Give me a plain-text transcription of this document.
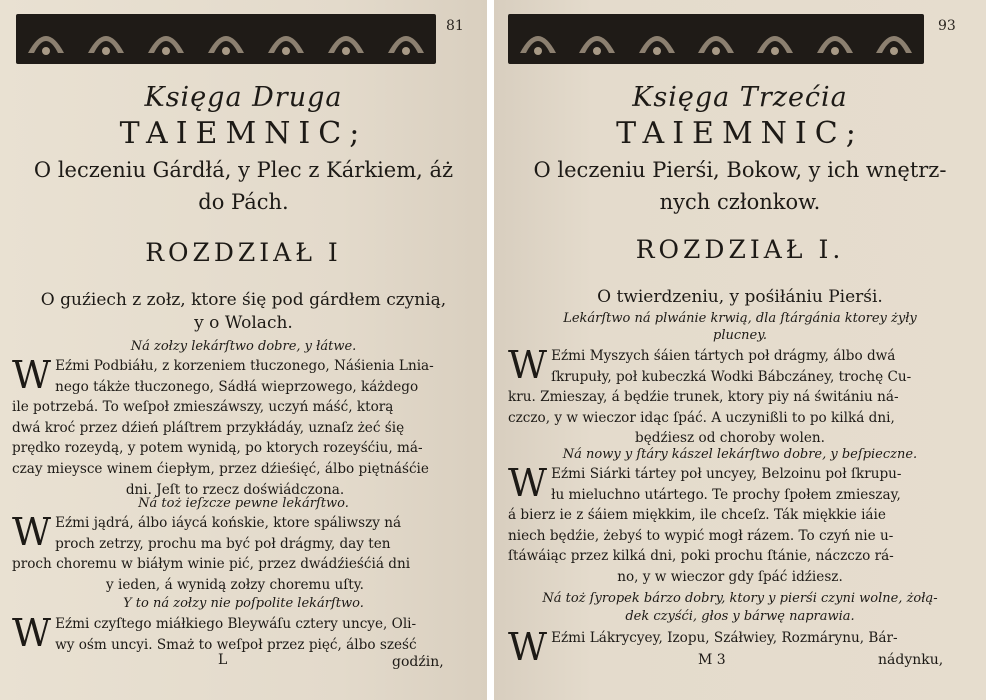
81
Księga Druga
TAIEMNIC;
O leczeniu Gárdłá, y Plec z Kárkiem, áż
do Pách.
ROZDZIAŁ I
O guźiech z zołz, ktore śię pod gárdłem czynią,
y o Wolach.
Ná zołzy lekárſtwo dobre, y łátwe.
W Eźmi Podbiáłu, z korzeniem tłuczonego, Náśienia Lnia-
nego tákże tłuczonego, Sádłá wieprzowego, káżdego
ile potrzebá. To weſpoł zmieszáwszy, uczyń máść, ktorą
dwá kroć przez dźień pláſtrem przykłádáy, uznaſz żeć śię
prędko rozeydą, y potem wynidą, po ktorych rozeyśćiu, má-
czay mieysce winem ćiepłym, przez dźieśięć, álbo piętnáśćie
dni. Jeſt to rzecz doświádczona.
Ná toż ieſzcze pewne lekárſtwo.
W Eźmi jądrá, álbo iáycá końskie, ktore spáliwszy ná
proch zetrzy, prochu ma być poł drágmy, day ten
proch choremu w biáłym winie pić, przez dwádźieśćiá dni
y ieden, á wynidą zołzy choremu uſty.
Y to ná zołzy nie poſpolite lekárſtwo.
W Eźmi czyſtego miáłkiego Bleywáſu cztery uncye, Oli-
wy ośm uncyi. Smaż to weſpoł przez pięć, álbo sześć
L	godźin,
93
Księga Trzećia
TAIEMNIC;
O leczeniu Pierśi, Bokow, y ich wnętrz-
nych członkow.
ROZDZIAŁ I.
O twierdzeniu, y pośiłániu Pierśi.
Lekárſtwo ná plwánie krwią, dla ſtárgánia ktorey żyły
plucney.
W Eźmi Myszych śáien tártych poł drágmy, álbo dwá
ſkrupuły, poł kubeczká Wodki Bábczáney, trochę Cu-
kru. Zmieszay, á będźie trunek, ktory piy ná świtániu ná-
czczo, y w wieczor idąc ſpáć. A uczynißli to po kilká dni,
będźiesz od choroby wolen.
Ná nowy y ſtáry kászel lekárſtwo dobre, y beſpieczne.
W Eźmi Siárki tártey poł uncyey, Belzoinu poł ſkrupu-
łu mieluchno utártego. Te prochy ſpołem zmieszay,
á bierz ie z śáiem miękkim, ile chceſz. Ták miękkie iáie
niech będźie, żebyś to wypić mogł rázem. To czyń nie u-
ſtáwáiąc przez kilká dni, poki prochu ſtánie, náczczo rá-
no, y w wieczor gdy ſpáć idźiesz.
Ná toż ſyropek bárzo dobry, ktory y pierśi czyni wolne, żołą-
dek czyśći, głos y bárwę naprawia.
W Eźmi Lákrycyey, Izopu, Száłwiey, Rozmárynu, Bár-
M 3	nádynku,
